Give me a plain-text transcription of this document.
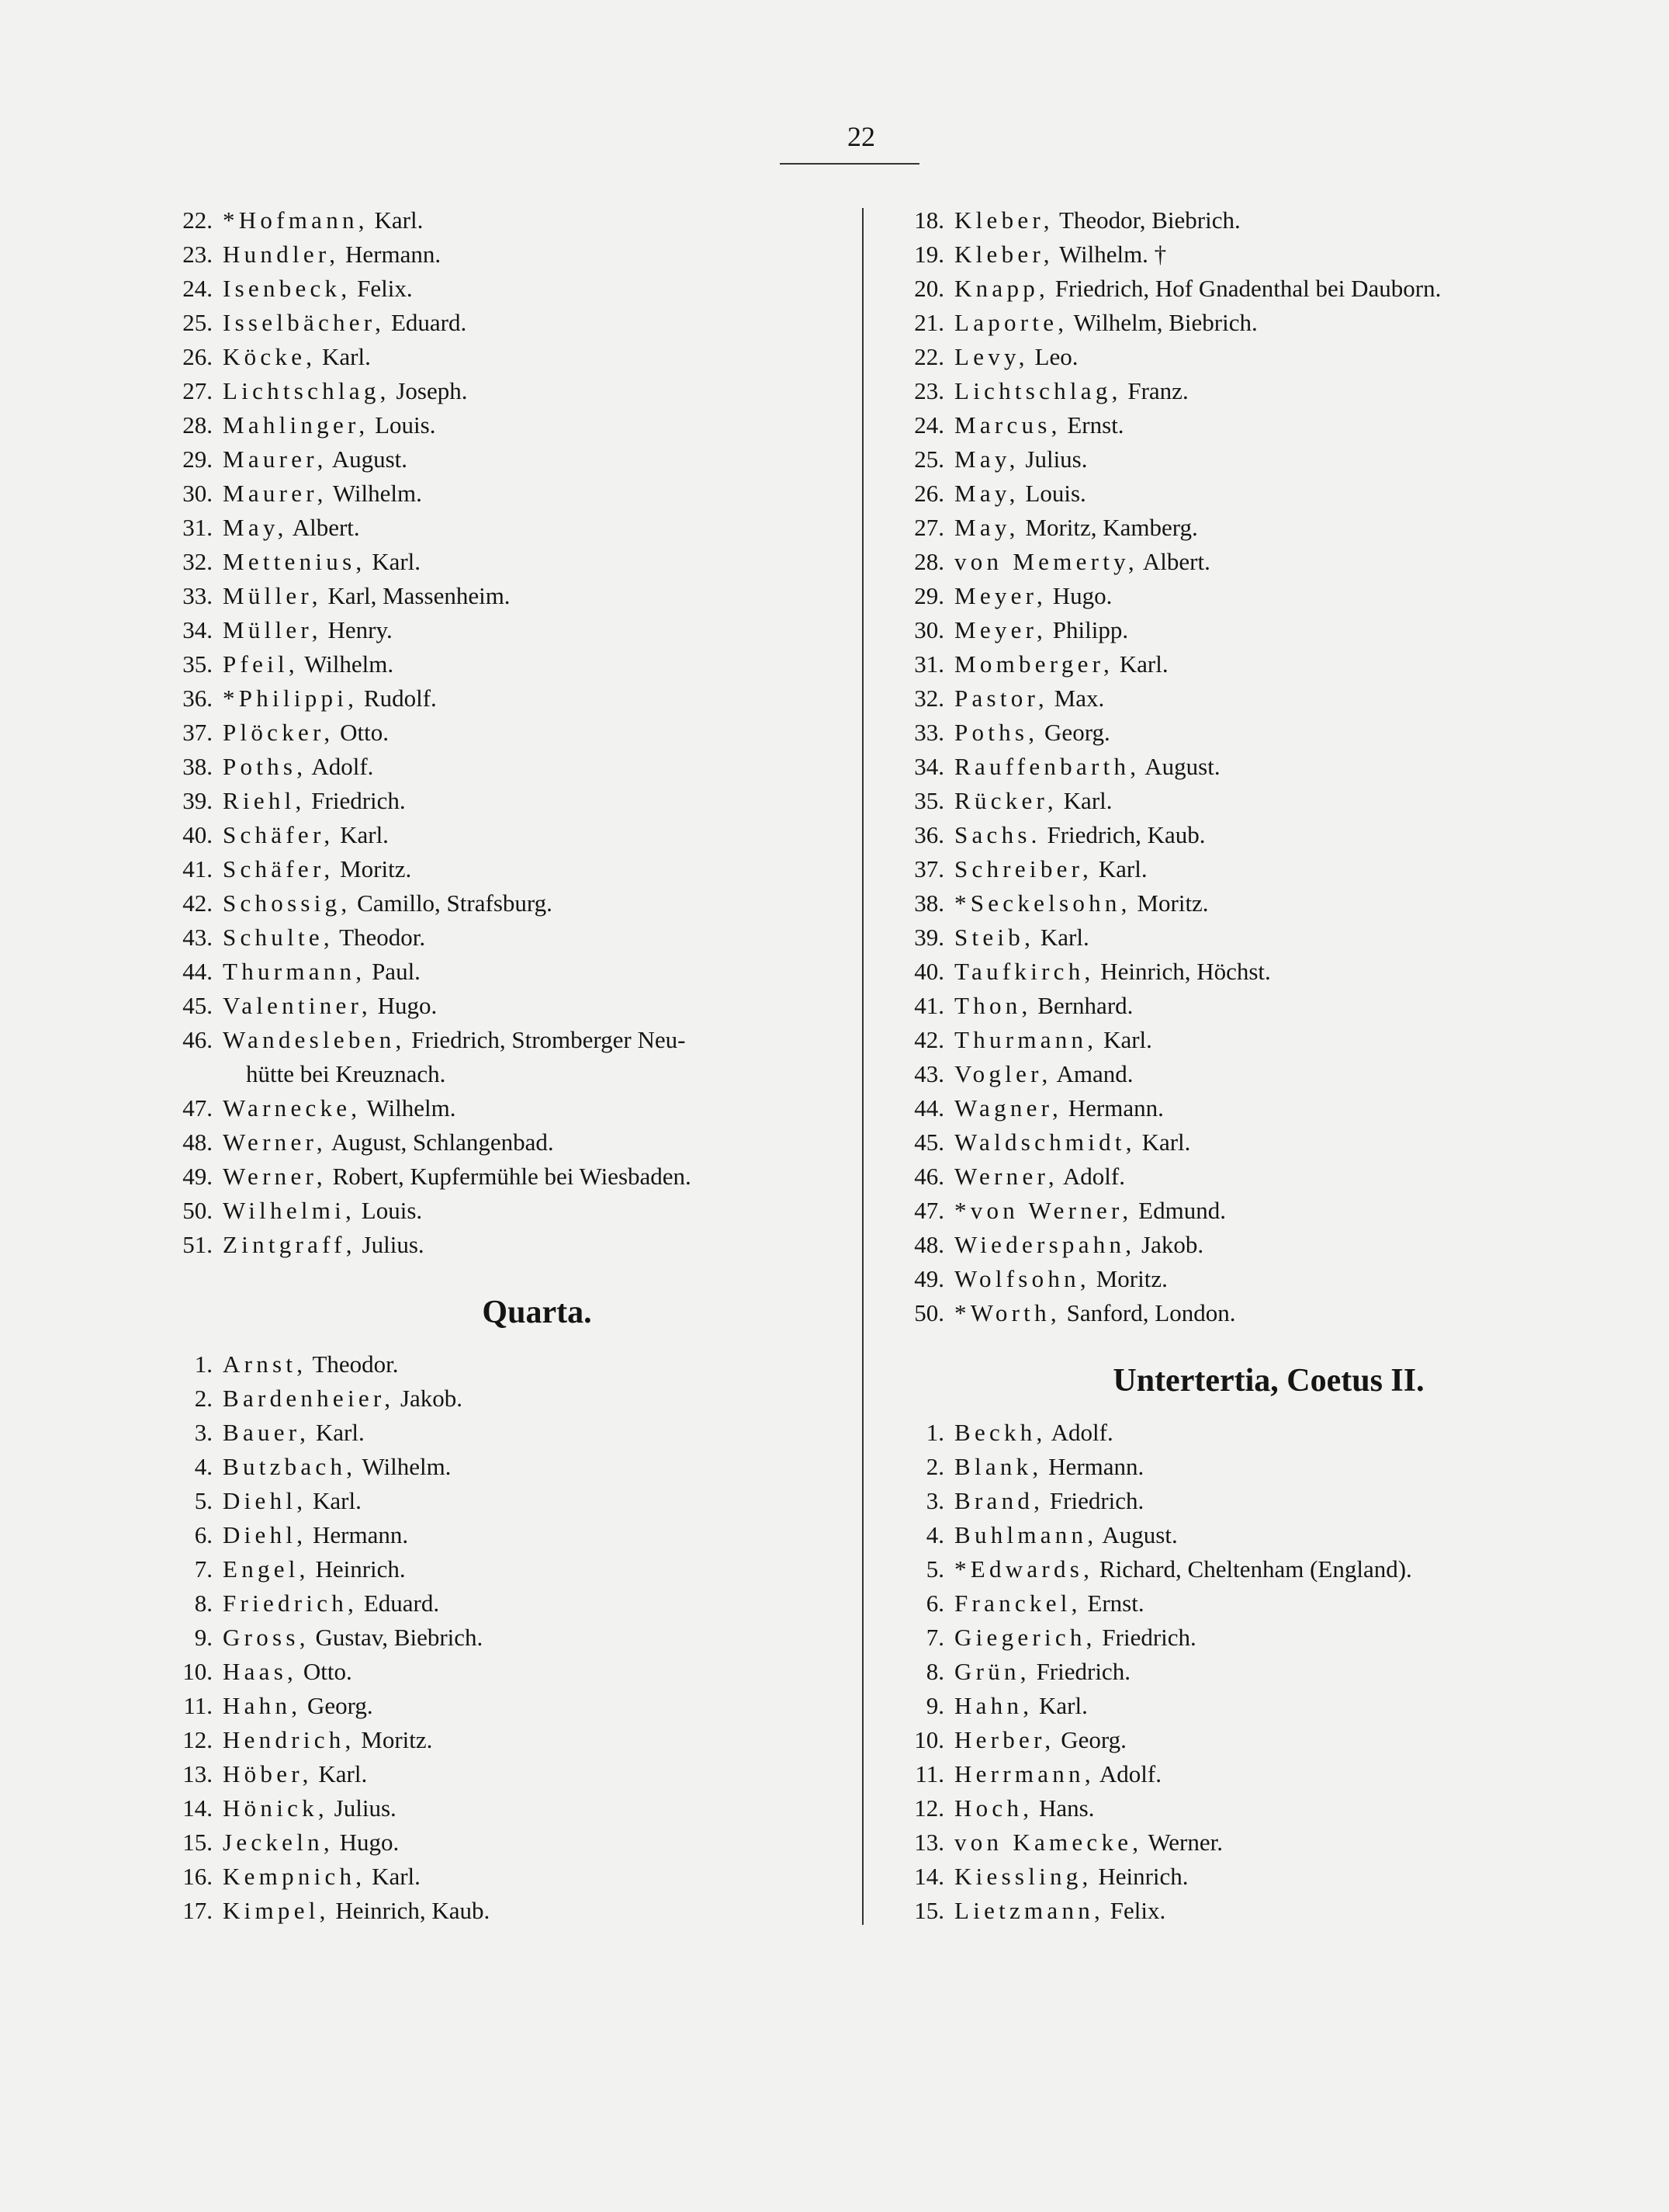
22
22. *Hofmann, Karl.
23. Hundler, Hermann.
24. Isenbeck, Felix.
25. Isselbächer, Eduard.
26. Köcke, Karl.
27. Lichtschlag, Joseph.
28. Mahlinger, Louis.
29. Maurer, August.
30. Maurer, Wilhelm.
31. May, Albert.
32. Mettenius, Karl.
33. Müller, Karl, Massenheim.
34. Müller, Henry.
35. Pfeil, Wilhelm.
36. *Philippi, Rudolf.
37. Plöcker, Otto.
38. Poths, Adolf.
39. Riehl, Friedrich.
40. Schäfer, Karl.
41. Schäfer, Moritz.
42. Schossig, Camillo, Strafsburg.
43. Schulte, Theodor.
44. Thurmann, Paul.
45. Valentiner, Hugo.
46. Wandesleben, Friedrich, Stromberger Neu-
hütte bei Kreuznach.
47. Warnecke, Wilhelm.
48. Werner, August, Schlangenbad.
49. Werner, Robert, Kupfermühle bei Wiesbaden.
50. Wilhelmi, Louis.
51. Zintgraff, Julius.
Quarta.
1. Arnst, Theodor.
2. Bardenheier, Jakob.
3. Bauer, Karl.
4. Butzbach, Wilhelm.
5. Diehl, Karl.
6. Diehl, Hermann.
7. Engel, Heinrich.
8. Friedrich, Eduard.
9. Gross, Gustav, Biebrich.
10. Haas, Otto.
11. Hahn, Georg.
12. Hendrich, Moritz.
13. Höber, Karl.
14. Hönick, Julius.
15. Jeckeln, Hugo.
16. Kempnich, Karl.
17. Kimpel, Heinrich, Kaub.
18. Kleber, Theodor, Biebrich.
19. Kleber, Wilhelm. †
20. Knapp, Friedrich, Hof Gnadenthal bei Dauborn.
21. Laporte, Wilhelm, Biebrich.
22. Levy, Leo.
23. Lichtschlag, Franz.
24. Marcus, Ernst.
25. May, Julius.
26. May, Louis.
27. May, Moritz, Kamberg.
28. von Memerty, Albert.
29. Meyer, Hugo.
30. Meyer, Philipp.
31. Momberger, Karl.
32. Pastor, Max.
33. Poths, Georg.
34. Rauffenbarth, August.
35. Rücker, Karl.
36. Sachs. Friedrich, Kaub.
37. Schreiber, Karl.
38. *Seckelsohn, Moritz.
39. Steib, Karl.
40. Taufkirch, Heinrich, Höchst.
41. Thon, Bernhard.
42. Thurmann, Karl.
43. Vogler, Amand.
44. Wagner, Hermann.
45. Waldschmidt, Karl.
46. Werner, Adolf.
47. *von Werner, Edmund.
48. Wiederspahn, Jakob.
49. Wolfsohn, Moritz.
50. *Worth, Sanford, London.
Untertertia, Coetus II.
1. Beckh, Adolf.
2. Blank, Hermann.
3. Brand, Friedrich.
4. Buhlmann, August.
5. *Edwards, Richard, Cheltenham (England).
6. Franckel, Ernst.
7. Giegerich, Friedrich.
8. Grün, Friedrich.
9. Hahn, Karl.
10. Herber, Georg.
11. Herrmann, Adolf.
12. Hoch, Hans.
13. von Kamecke, Werner.
14. Kiessling, Heinrich.
15. Lietzmann, Felix.
